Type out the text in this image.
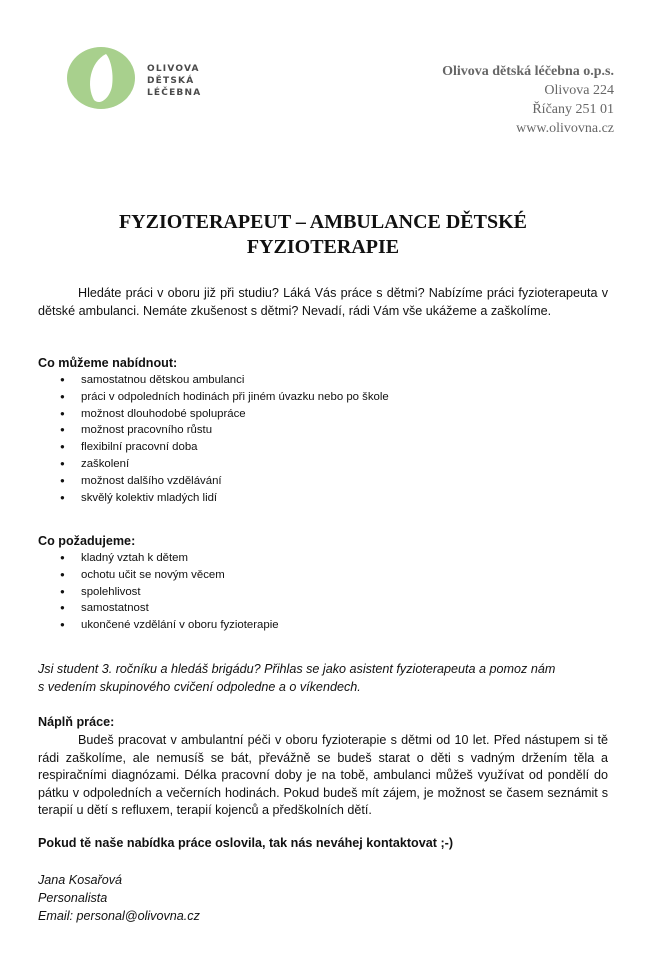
OLIVOVA
DĚTSKÁ
LÉČEBNA
Olivova dětská léčebna o.p.s.
Olivova 224
Říčany 251 01
www.olivovna.cz
FYZIOTERAPEUT – AMBULANCE DĚTSKÉ
FYZIOTERAPIE
Hledáte práci v oboru již při studiu? Láká Vás práce s dětmi? Nabízíme práci fyzioterapeuta v dětské ambulanci. Nemáte zkušenost s dětmi? Nevadí, rádi Vám vše ukážeme a zaškolíme.
Co můžeme nabídnout:
● samostatnou dětskou ambulanci
● práci v odpoledních hodinách při jiném úvazku nebo po škole
● možnost dlouhodobé spolupráce
● možnost pracovního růstu
● flexibilní pracovní doba
● zaškolení
● možnost dalšího vzdělávání
● skvělý kolektiv mladých lidí
Co požadujeme:
● kladný vztah k dětem
● ochotu učit se novým věcem
● spolehlivost
● samostatnost
● ukončené vzdělání v oboru fyzioterapie
Jsi student 3. ročníku a hledáš brigádu? Přihlas se jako asistent fyzioterapeuta a pomoz nám
s vedením skupinového cvičení odpoledne a o víkendech.
Náplň práce:
Budeš pracovat v ambulantní péči v oboru fyzioterapie s dětmi od 10 let. Před nástupem si tě rádi zaškolíme, ale nemusíš se bát, převážně se budeš starat o děti s vadným držením těla a respiračními diagnózami. Délka pracovní doby je na tobě, ambulanci můžeš využívat od pondělí do pátku v odpoledních a večerních hodinách. Pokud budeš mít zájem, je možnost se časem seznámit s terapií u dětí s refluxem, terapií kojenců a předškolních dětí.
Pokud tě naše nabídka práce oslovila, tak nás neváhej kontaktovat ;-)
Jana Kosařová
Personalista
Email: personal@olivovna.cz
